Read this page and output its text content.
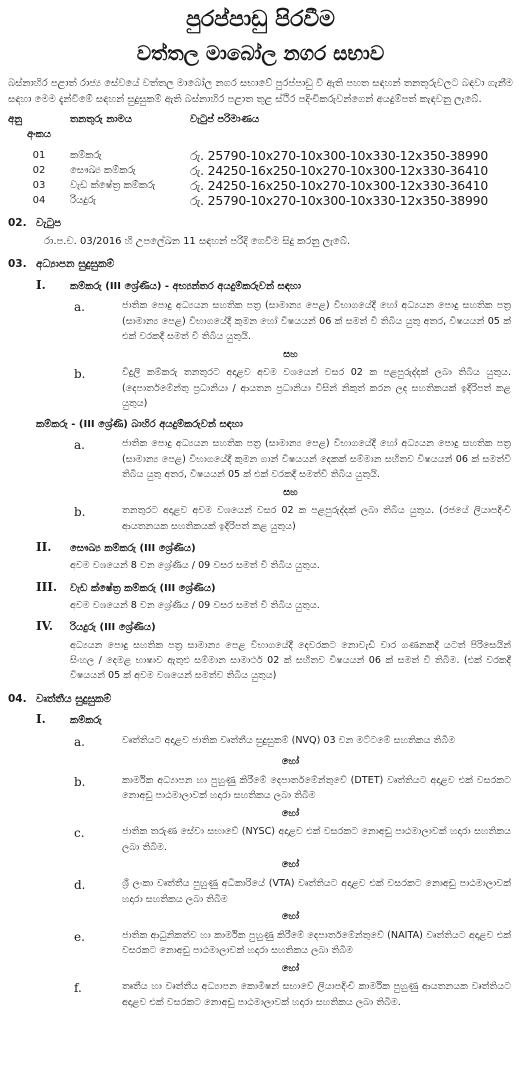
පුරප්පාඩු පිරවීම
වත්තල මාබෝල නගර සභාව
බස්නාහිර පළාත් රාජ්‍ය සේවයේ වත්තල මාබෝල නගර සභාවේ පුරප්පාඩු වී ඇති පහත සඳහන් තනතුරුවලට බඳවා ගැනීම සඳහා මෙම දැන්වීමේ සඳහන් සුදුසුකම් ඇති බස්නාහිර පළාත තුළ ස්ථිර පදිංචිකරුවන්ගෙන් අයදුම්පත් කැඳවනු ලැබේ.
අනු	තනතුරු නාමය	වැටුප් පරිමාණය
අංකය		

01	කම්කරු	රු. 25790-10x270-10x300-10x330-12x350-38990
02	සෞඛ්‍ය කම්කරු	රු. 24250-16x250-10x270-10x300-12x330-36410
03	වැඩ ක්ෂේත්‍ර කම්කරු	රු. 24250-16x250-10x270-10x300-12x330-36410
04	රියදුරු	රු. 25790-10x270-10x300-10x330-12x350-38990
02. වැටුප
රා.ප.ච. 03/2016 හි උපලේඛන 11 සඳහන් පරිදි ගෙවීම සිදු කරනු ලැබේ.
03. අධ්‍යාපන සුදුසුකම්
I.	කම්කරු (III ශ්‍රේණිය) - අභ්‍යන්තර අයදුම්කරුවන් සඳහා
a.	ජාතික පොදු අධ්‍යයන සහතික පත්‍ර (සාමාන්‍ය පෙළ) විභාගයේදී හෝ අධ්‍යයන පොදු සහතික පත්‍ර (සාමාන්‍ය පෙළ) විභාගයේදී කුමන හෝ විෂයයන් 06 ක් සමත් වී තිබිය යුතු අතර, විෂයයන් 05 ක් එක් වරකදී සමත් වී තිබිය යුතුයි.
සහ
b.	විදුලි කම්කරු තනතුරට අදාළව අවම වශයෙන් වසර 02 ක පළපුරුද්දක් ලබා තිබිය යුතුය. (දෙපාර්තමේන්තු ප්‍රධානියා / ආයතන ප්‍රධානියා විසින් නිකුත් කරන ලද සහතිකයක් ඉදිරිපත් කළ යුතුය)
කම්කරු - (III ශ්‍රේණි) බාහිර අයදුම්කරුවන් සඳහා
a.	ජාතික පොදු අධ්‍යයන සහතික පත්‍ර (සාමාන්‍ය පෙළ) විභාගයේදී හෝ අධ්‍යයන පොදු සහතික පත්‍ර (සාමාන්‍ය පෙළ) විභාගයේදී කුමන ගාන් විෂයයන් දෙකක් සම්මාන සහිතව විෂයයන් 06 ක් සමත්වී තිබිය යුතු අතර, විෂයයන් 05 ක් එක් වරකදී සමත්වී තිබිය යුතුයි.
සහ
b.	තනතුරට අදාළව අවම වශයෙන් වසර 02 ක පළපුරුද්දක් ලබා තිබිය යුතුය. (රජයේ ලියාපදිංචි ආයතනයක සහතිකයක් ඉදිරිපත් කළ යුතුය)
II.	සෞඛ්‍ය කම්කරු (III ශ්‍රේණිය)
අවම වශයෙන් 8 වන ශ්‍රේණිය / 09 වසර සමත් වී තිබිය යුතුය.
III.	වැඩ ක්ෂේත්‍ර කම්කරු (III ශ්‍රේණිය)
අවම වශයෙන් 8 වන ශ්‍රේණිය / 09 වසර සමත් වී තිබිය යුතුය.
IV.	රියදුරු (III ශ්‍රේණිය)
අධ්‍යයන පොදු සහතික පත්‍ර සාමාන්‍ය පෙළ විභාගයේදී දෙවරකට නොවැඩි වාර ගණනකදී යටත් පිරිසෙයින් සිංහල / දෙමළ භාෂාව ඇතුළු සම්මාන සාමාර්ථ 02 ක් සහිතව විෂයයන් 06 ක් සමත් වී තිබීම. (එක් වරකදී විෂයයන් 05 ක් අවම වශයෙන් සමත්ව තිබිය යුතුය)
04. වෘත්තීය සුදුසුකම්
I.	කම්කරු
a.	වෘත්තියට අදාළව ජාතික වෘත්තීය සුදුසුකම් (NVQ) 03 වන මට්ටමේ සහතිකය තිබීම
හෝ
b.	කාර්මික අධ්‍යාපන හා පුහුණු කිරීමේ දෙපාර්තමේන්තුවේ (DTET) වෘත්තියට අදාළව එක් වසරකට නොඅඩු පාඨමාලාවක් හදාරා සහතිකය ලබා තිබීම
හෝ
c.	ජාතික තරුණ සේවා සභාවේ (NYSC) අදාළව එක් වසරකට නොඅඩු පාඨමාලාවක් හදාරා සහතිකය ලබා තිබීම.
හෝ
d.	ශ්‍රී ලංකා වෘත්තීය පුහුණු අධිකාරියේ (VTA) වෘත්තියට අදාළව එක් වසරකට නොඅඩු පාඨමාලාවක් හදාරා සහතිකය ලබා තිබීම
හෝ
e.	ජාතික ආධුනිකත්ව හා කාර්මික පුහුණු කිරීමේ දෙපාර්තමේන්තුවේ (NAITA) වෘත්තියට අදාළව එක් වසරකට නොඅඩු පාඨමාලාවක් හදාරා සහතිකය ලබා තිබීම
හෝ
f.	තෘතීය හා වෘත්තීය අධ්‍යාපන කොමිෂන් සභාවේ ලියාපදිංචි කාර්මික පුහුණු ආයතනයක වෘත්තියට අදාළව එක් වසරකට නොඅඩු පාඨමාලාවක් හදාරා සහතිකය ලබා තිබීම.
